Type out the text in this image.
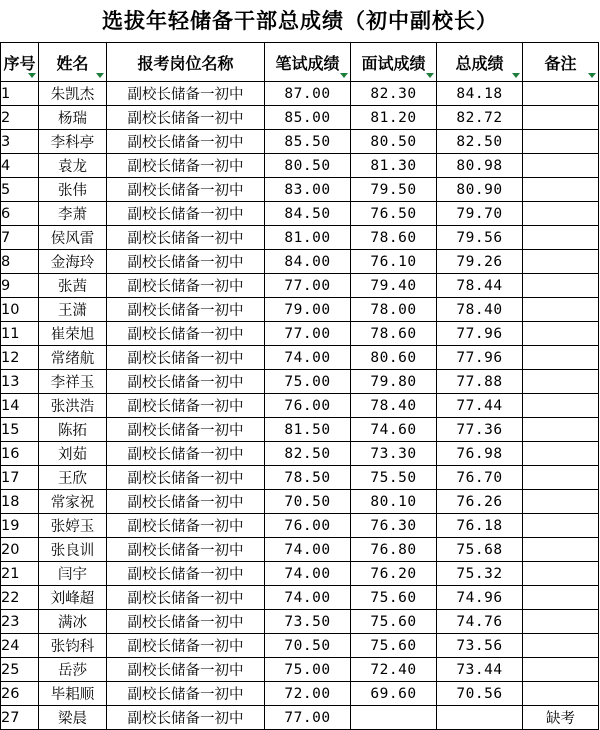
选拔年轻储备干部总成绩（初中副校长）
序号	姓名	报考岗位名称	笔试成绩	面试成绩	总成绩	备注

1	朱凯杰	副校长储备一初中	87.00	82.30	84.18	
2	杨瑞	副校长储备一初中	85.00	81.20	82.72	
3	李科亭	副校长储备一初中	85.50	80.50	82.50	
4	袁龙	副校长储备一初中	80.50	81.30	80.98	
5	张伟	副校长储备一初中	83.00	79.50	80.90	
6	李萧	副校长储备一初中	84.50	76.50	79.70	
7	侯风雷	副校长储备一初中	81.00	78.60	79.56	
8	金海玲	副校长储备一初中	84.00	76.10	79.26	
9	张茜	副校长储备一初中	77.00	79.40	78.44	
10	王潇	副校长储备一初中	79.00	78.00	78.40	
11	崔荣旭	副校长储备一初中	77.00	78.60	77.96	
12	常绪航	副校长储备一初中	74.00	80.60	77.96	
13	李祥玉	副校长储备一初中	75.00	79.80	77.88	
14	张洪浩	副校长储备一初中	76.00	78.40	77.44	
15	陈拓	副校长储备一初中	81.50	74.60	77.36	
16	刘茹	副校长储备一初中	82.50	73.30	76.98	
17	王欣	副校长储备一初中	78.50	75.50	76.70	
18	常家祝	副校长储备一初中	70.50	80.10	76.26	
19	张婷玉	副校长储备一初中	76.00	76.30	76.18	
20	张良训	副校长储备一初中	74.00	76.80	75.68	
21	闫宇	副校长储备一初中	74.00	76.20	75.32	
22	刘峰超	副校长储备一初中	74.00	75.60	74.96	
23	满冰	副校长储备一初中	73.50	75.60	74.76	
24	张钧科	副校长储备一初中	70.50	75.60	73.56	
25	岳莎	副校长储备一初中	75.00	72.40	73.44	
26	毕耜顺	副校长储备一初中	72.00	69.60	70.56	
27	梁晨	副校长储备一初中	77.00			缺考
